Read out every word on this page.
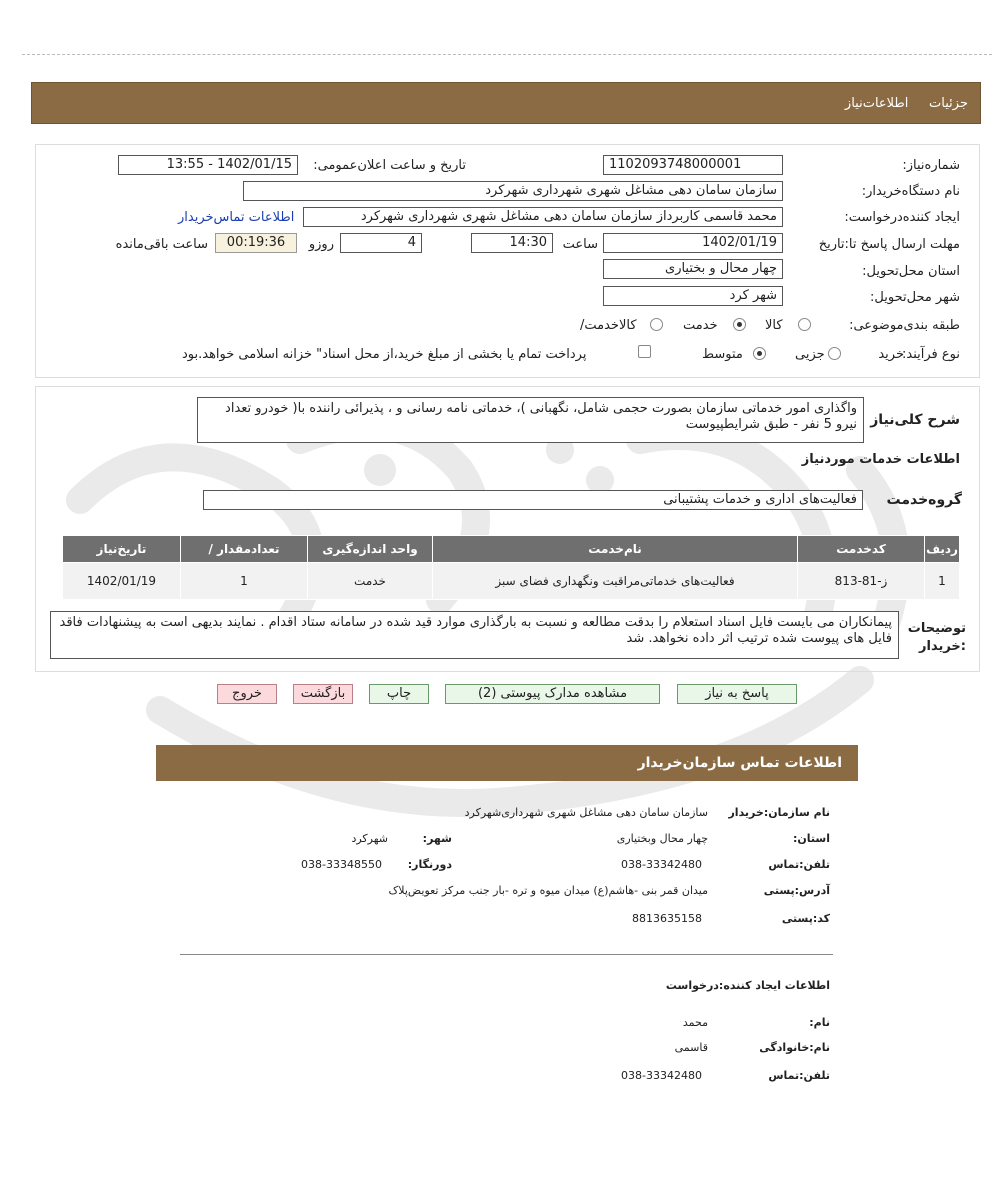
جزئیات     اطلاعات‌نیاز
شماره‌نیاز:
1102093748000001
تاریخ و ساعت اعلان‌عمومی:
1402/01/15 - 13:55
نام دستگاه‌خریدار:
سازمان سامان دهی مشاغل شهری شهرداری شهرکرد
ایجاد کننده‌درخواست:
محمد قاسمی کاربرداز سازمان سامان دهی مشاغل شهری شهرداری شهرکرد
اطلاعات تماس‌خریدار
مهلت ارسال پاسخ تا:تاریخ
1402/01/19
ساعت
14:30
4
روزو
00:19:36
ساعت باقی‌مانده
استان محل‌تحویل:
چهار محال و بختیاری
شهر محل‌تحویل:
شهر کرد
طبقه بندی‌موضوعی:
کالا
خدمت
کالا‌خدمت/
نوع فرآیند:
خرید
جزیی
متوسط
پرداخت تمام یا بخشی از مبلغ خرید،از محل اسناد" خزانه اسلامی خواهد.بود
شرح کلی‌نیاز
واگذاری امور خدماتی سازمان بصورت حجمی شامل، نگهبانی )، خدماتی نامه رسانی و ، پذیرائی راننده با( خودرو تعداد نیرو 5 نفر - طبق شرایطپیوست
اطلاعات خدمات مورد‌نیاز
گروه‌خدمت
فعالیت‌های اداری و خدمات پشتیبانی
ردیف	کدخدمت	نام‌خدمت	واحد اندازه‌گیری	تعداد‌مقدار /	تاریخ‌نیاز
1	ز-81-813	فعالیت‌های خدماتی‌مراقبت و‌نگهداری فضای سبز	خدمت	1	1402/01/19
توضیحات :خریدار
پیمانکاران می بایست فایل اسناد استعلام را بدقت مطالعه و نسبت به بارگذاری موارد قید شده در سامانه ستاد اقدام . نمایند بدیهی است به پیشنهادات فاقد فایل های پیوست شده ترتیب اثر داده نخواهد. شد
پاسخ به نیاز
مشاهده مدارک پیوستی (2)
چاپ
بازگشت
خروج
اطلاعات تماس سازمان‌خریدار
نام سازمان:خریدار
سازمان سامان دهی مشاغل شهری شهرداری‌شهرکرد
استان:
چهار محال وبختیاری
شهر:
شهرکرد
تلفن:تماس
038-33342480
دورنگار:
038-33348550
آدرس:پستی
میدان قمر بنی -هاشم(ع) میدان میوه و تره -بار جنب مرکز تعویض‌پلاک
کد:پستی
8813635158
اطلاعات ایجاد کننده:درخواست
نام:
محمد
نام:خانوادگی
قاسمی
تلفن:تماس
038-33342480
